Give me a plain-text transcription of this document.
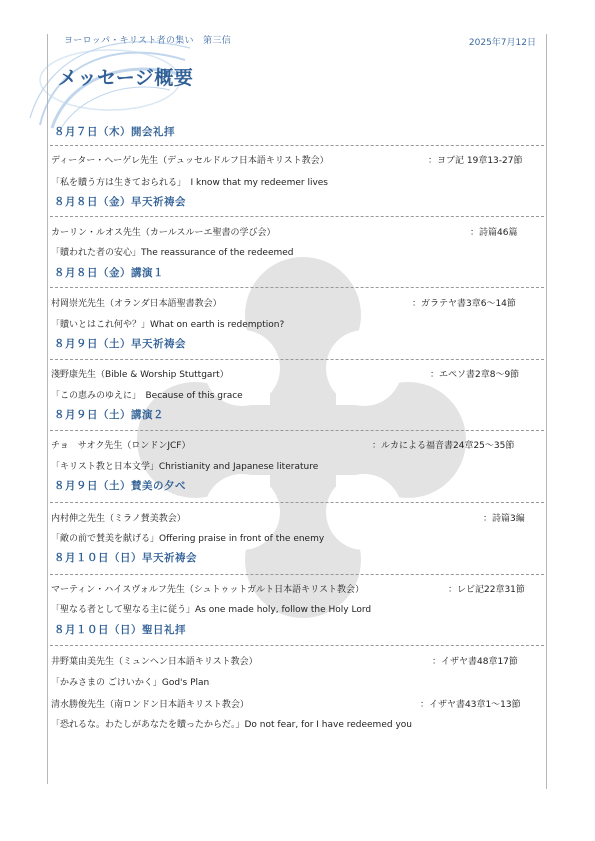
ヨーロッパ・キリスト者の集い　第三信	2025年7月12日
メッセージ概要
８月７日（木）開会礼拝
ディーター・ヘーゲレ先生（デュッセルドルフ日本語キリスト教会）	：ヨブ記 19章13-27節
「私を贖う方は生きておられる」　I know that my redeemer lives
８月８日（金）早天祈祷会
カーリン・ルオス先生（カールスルーエ聖書の学び会）	：詩篇46篇
「贖われた者の安心」The reassurance of the redeemed
８月８日（金）講演１
村岡崇光先生（オランダ日本語聖書教会）	：ガラテヤ書3章6～14節
「贖いとはこれ何や？」What on earth is redemption?
８月９日（土）早天祈祷会
淺野康先生（Bible & Worship Stuttgart）	：エペソ書2章8～9節
「この恵みのゆえに」　Because of this grace
８月９日（土）講演２
チョ　サオク先生（ロンドンJCF）	：ルカによる福音書24章25～35節
「キリスト教と日本文学」Christianity and Japanese literature
８月９日（土）賛美の夕べ
内村伸之先生（ミラノ賛美教会）	：詩篇3編
「敵の前で賛美を献げる」Offering praise in front of the enemy
８月１０日（日）早天祈祷会
マーティン・ハイスヴォルフ先生（シュトゥットガルト日本語キリスト教会）	：レビ記22章31節
「聖なる者として聖なる主に従う」As one made holy, follow the Holy Lord
８月１０日（日）聖日礼拝
井野葉由美先生（ミュンヘン日本語キリスト教会）	：イザヤ書48章17節
「かみさまの ごけいかく」God's Plan
清水勝俊先生（南ロンドン日本語キリスト教会）	：イザヤ書43章1～13節
「恐れるな。わたしがあなたを贖ったからだ。」Do not fear, for I have redeemed you
